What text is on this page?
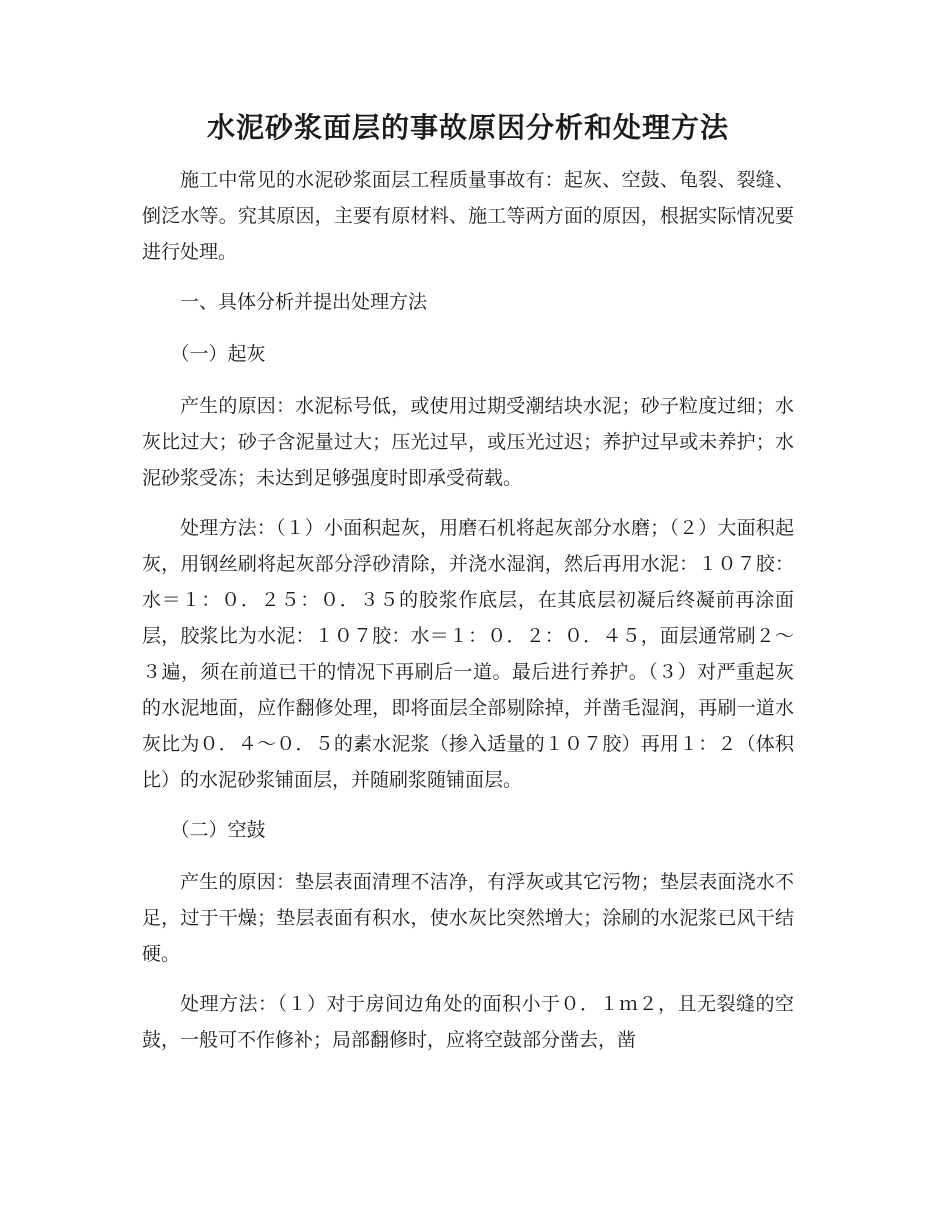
水泥砂浆面层的事故原因分析和处理方法

施工中常见的水泥砂浆面层工程质量事故有：起灰、空鼓、龟裂、裂缝、倒泛水等。究其原因，主要有原材料、施工等两方面的原因，根据实际情况要进行处理。

一、具体分析并提出处理方法

（一）起灰

产生的原因：水泥标号低，或使用过期受潮结块水泥；砂子粒度过细；水灰比过大；砂子含泥量过大；压光过早，或压光过迟；养护过早或未养护；水泥砂浆受冻；未达到足够强度时即承受荷载。

处理方法：（１）小面积起灰，用磨石机将起灰部分水磨；（２）大面积起灰，用钢丝刷将起灰部分浮砂清除，并浇水湿润，然后再用水泥：１０７胶：水＝１：０．２５：０．３５的胶浆作底层，在其底层初凝后终凝前再涂面层，胶浆比为水泥：１０７胶：水＝１：０．２：０．４５，面层通常刷２～３遍，须在前道已干的情况下再刷后一道。最后进行养护。（３）对严重起灰的水泥地面，应作翻修处理，即将面层全部剔除掉，并凿毛湿润，再刷一道水灰比为０．４～０．５的素水泥浆（掺入适量的１０７胶）再用１：２（体积比）的水泥砂浆铺面层，并随刷浆随铺面层。

（二）空鼓

产生的原因：垫层表面清理不洁净，有浮灰或其它污物；垫层表面浇水不足，过于干燥；垫层表面有积水，使水灰比突然增大；涂刷的水泥浆已风干结硬。

处理方法：（１）对于房间边角处的面积小于０．１ｍ２，且无裂缝的空鼓，一般可不作修补；局部翻修时，应将空鼓部分凿去，凿
